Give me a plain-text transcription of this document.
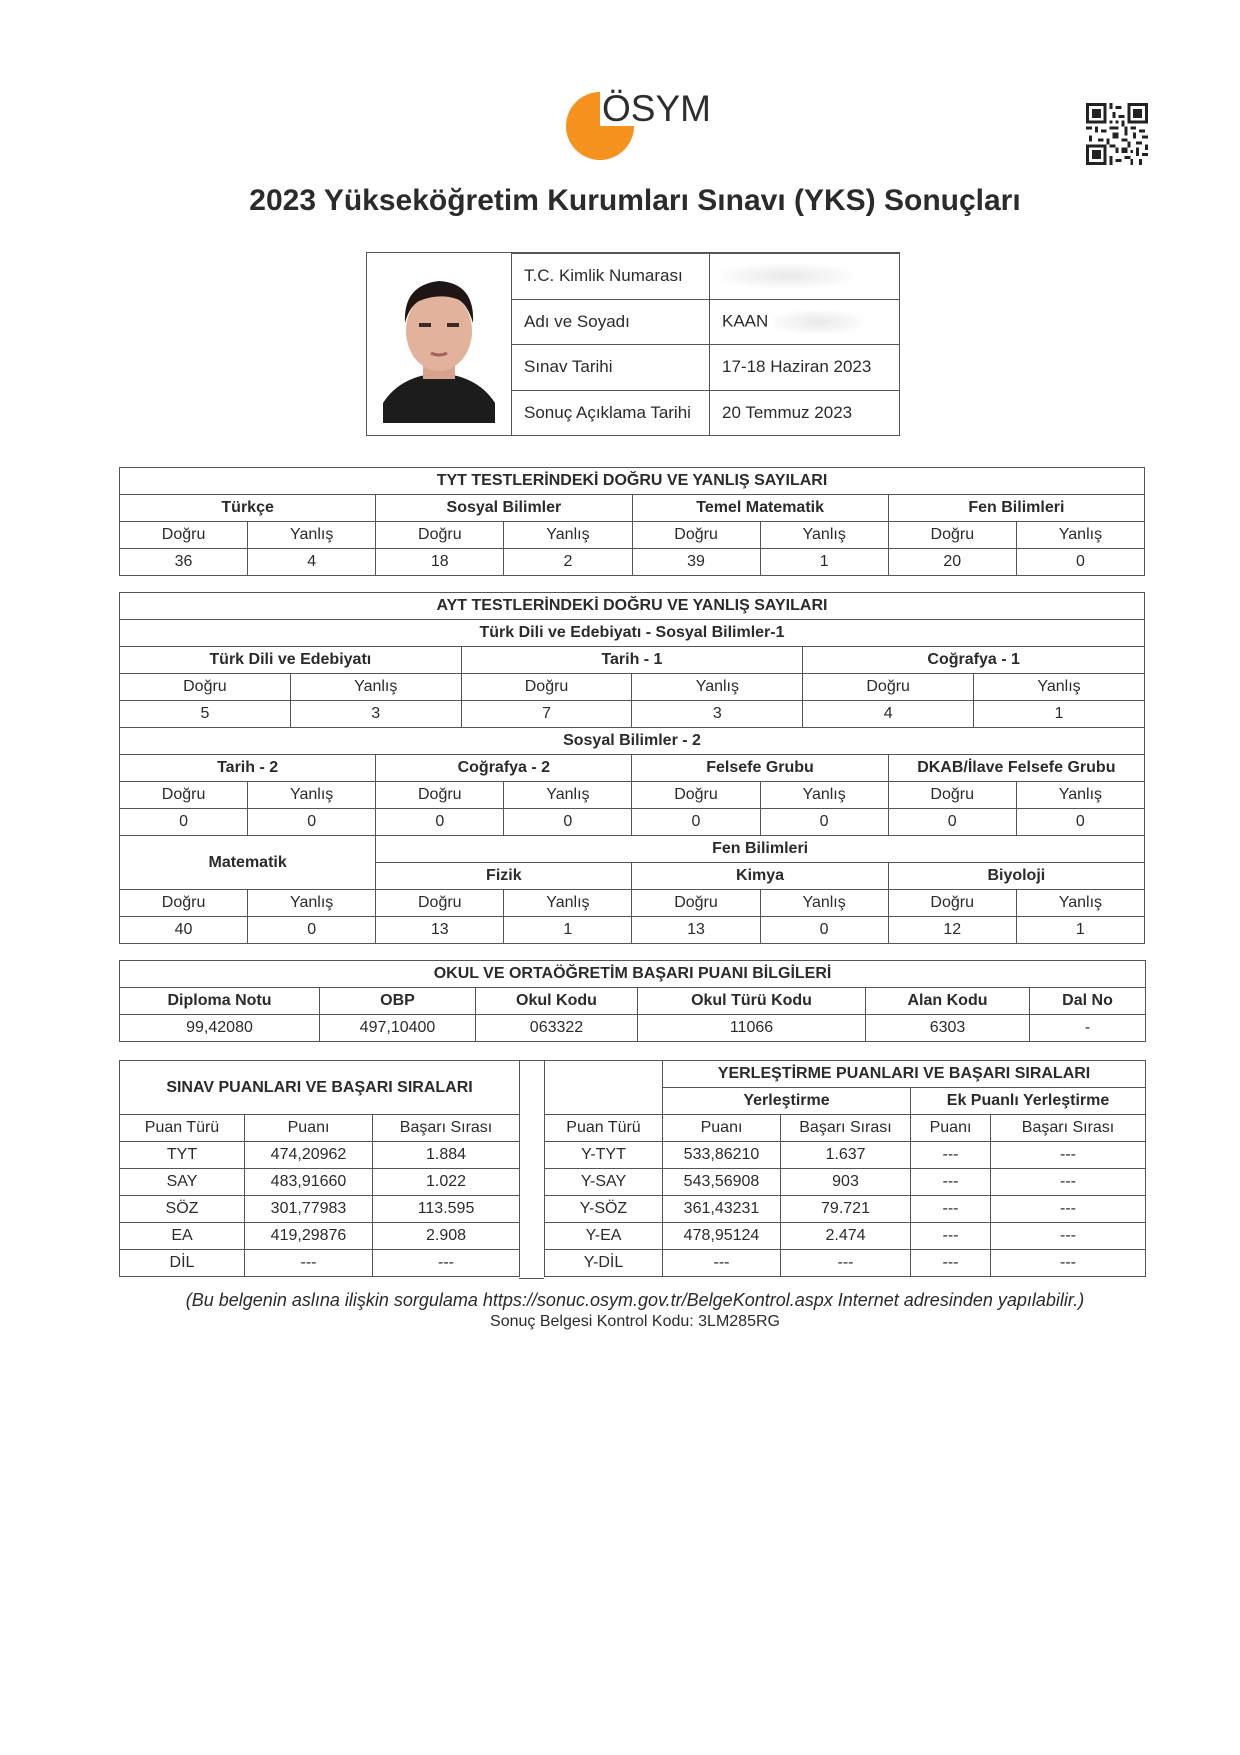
ÖSYM
2023 Yükseköğretim Kurumları Sınavı (YKS) Sonuçları
T.C. Kimlik Numarası	
Adı ve Soyadı	KAAN
Sınav Tarihi	17-18 Haziran 2023
Sonuç Açıklama Tarihi	20 Temmuz 2023
TYT TESTLERİNDEKİ DOĞRU VE YANLIŞ SAYILARI							
Türkçe		Sosyal Bilimler		Temel Matematik		Fen Bilimleri	
Doğru	Yanlış	Doğru	Yanlış	Doğru	Yanlış	Doğru	Yanlış
36	4	18	2	39	1	20	0
AYT TESTLERİNDEKİ DOĞRU VE YANLIŞ SAYILARI											
Türk Dili ve Edebiyatı - Sosyal Bilimler-1											
Türk Dili ve Edebiyatı				Tarih - 1				Coğrafya - 1			
Doğru		Yanlış		Doğru		Yanlış		Doğru		Yanlış	
5		3		7		3		4		1	
Sosyal Bilimler - 2											
Tarih - 2			Coğrafya - 2			Felsefe Grubu			DKAB/İlave Felsefe Grubu		
Doğru	Yanlış		Doğru		Yanlış	Doğru	Yanlış		Doğru		Yanlış
0	0		0		0	0	0		0		0
Matematik			Fen Bilimleri								
			Fizik			Kimya			Biyoloji		
Doğru	Yanlış		Doğru		Yanlış	Doğru	Yanlış		Doğru		Yanlış
40	0		13		1	13	0		12		1
OKUL VE ORTAÖĞRETİM BAŞARI PUANI BİLGİLERİ					
Diploma Notu	OBP	Okul Kodu	Okul Türü Kodu	Alan Kodu	Dal No
99,42080	497,10400	063322	11066	6303	-
SINAV PUANLARI VE BAŞARI SIRALARI		

Puan Türü	Puanı	Başarı Sırası
TYT	474,20962	1.884
SAY	483,91660	1.022
SÖZ	301,77983	113.595
EA	419,29876	2.908
DİL	---	---
	YERLEŞTİRME PUANLARI VE BAŞARI SIRALARI			
	Yerleştirme		Ek Puanlı Yerleştirme	
Puan Türü	Puanı	Başarı Sırası	Puanı	Başarı Sırası
Y-TYT	533,86210	1.637	---	---
Y-SAY	543,56908	903	---	---
Y-SÖZ	361,43231	79.721	---	---
Y-EA	478,95124	2.474	---	---
Y-DİL	---	---	---	---
(Bu belgenin aslına ilişkin sorgulama https://sonuc.osym.gov.tr/BelgeKontrol.aspx Internet adresinden yapılabilir.)
Sonuç Belgesi Kontrol Kodu: 3LM285RG
